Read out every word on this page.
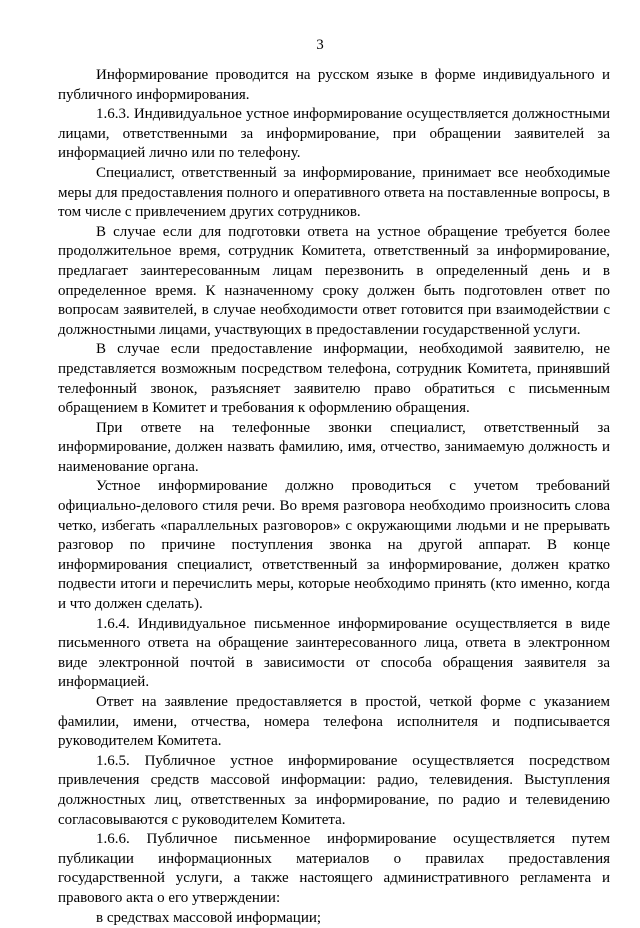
3

Информирование проводится на русском языке в форме индивидуального и публичного информирования.

1.6.3. Индивидуальное устное информирование осуществляется должностными лицами, ответственными за информирование, при обращении заявителей за информацией лично или по телефону.

Специалист, ответственный за информирование, принимает все необходимые меры для предоставления полного и оперативного ответа на поставленные вопросы, в том числе с привлечением других сотрудников.

В случае если для подготовки ответа на устное обращение требуется более продолжительное время, сотрудник Комитета, ответственный за информирование, предлагает заинтересованным лицам перезвонить в определенный день и в определенное время. К назначенному сроку должен быть подготовлен ответ по вопросам заявителей, в случае необходимости ответ готовится при взаимодействии с должностными лицами, участвующих в предоставлении государственной услуги.

В случае если предоставление информации, необходимой заявителю, не представляется возможным посредством телефона, сотрудник Комитета, принявший телефонный звонок, разъясняет заявителю право обратиться с письменным обращением в Комитет и требования к оформлению обращения.

При ответе на телефонные звонки специалист, ответственный за информирование, должен назвать фамилию, имя, отчество, занимаемую должность и наименование органа.

Устное информирование должно проводиться с учетом требований официально-делового стиля речи. Во время разговора необходимо произносить слова четко, избегать «параллельных разговоров» с окружающими людьми и не прерывать разговор по причине поступления звонка на другой аппарат. В конце информирования специалист, ответственный за информирование, должен кратко подвести итоги и перечислить меры, которые необходимо принять (кто именно, когда и что должен сделать).

1.6.4. Индивидуальное письменное информирование осуществляется в виде письменного ответа на обращение заинтересованного лица, ответа в электронном виде электронной почтой в зависимости от способа обращения заявителя за информацией.

Ответ на заявление предоставляется в простой, четкой форме с указанием фамилии, имени, отчества, номера телефона исполнителя и подписывается руководителем Комитета.

1.6.5. Публичное устное информирование осуществляется посредством привлечения средств массовой информации: радио, телевидения. Выступления должностных лиц, ответственных за информирование, по радио и телевидению согласовываются с руководителем Комитета.

1.6.6. Публичное письменное информирование осуществляется путем публикации информационных материалов о правилах предоставления государственной услуги, а также настоящего административного регламента и правового акта о его утверждении:

в средствах массовой информации;
